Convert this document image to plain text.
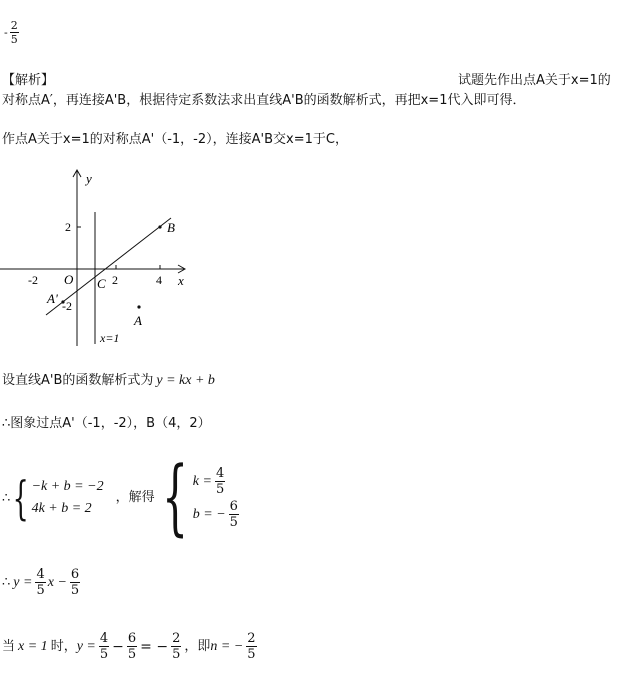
- $\frac{2}{5}$
【解析】	试题先作出点A关于x=1的
对称点A′，再连接A'B，根据待定系数法求出直线A'B的函数解析式，再把x=1代入即可得．
作点A关于x=1的对称点A'（-1，-2），连接A'B交x=1于C，
x
y
O
-2	2	4
2
-2
B
A
A'
C
x=1
设直线A'B的函数解析式为 y = kx + b
∴图象过点A'（-1，-2），B（4，2）
∴ { −k + b = −2
4k + b = 2
，解得 { $k = \frac{4}{5}$
b = − $\frac{6}{5}$
∴ $y = \frac{4}{5}$ $x - \frac{6}{5}$
当 x = 1 时， $y = \frac{4}{5} - \frac{6}{5}$ = − $\frac{2}{5}$ ，即 n = − $\frac{2}{5}$
